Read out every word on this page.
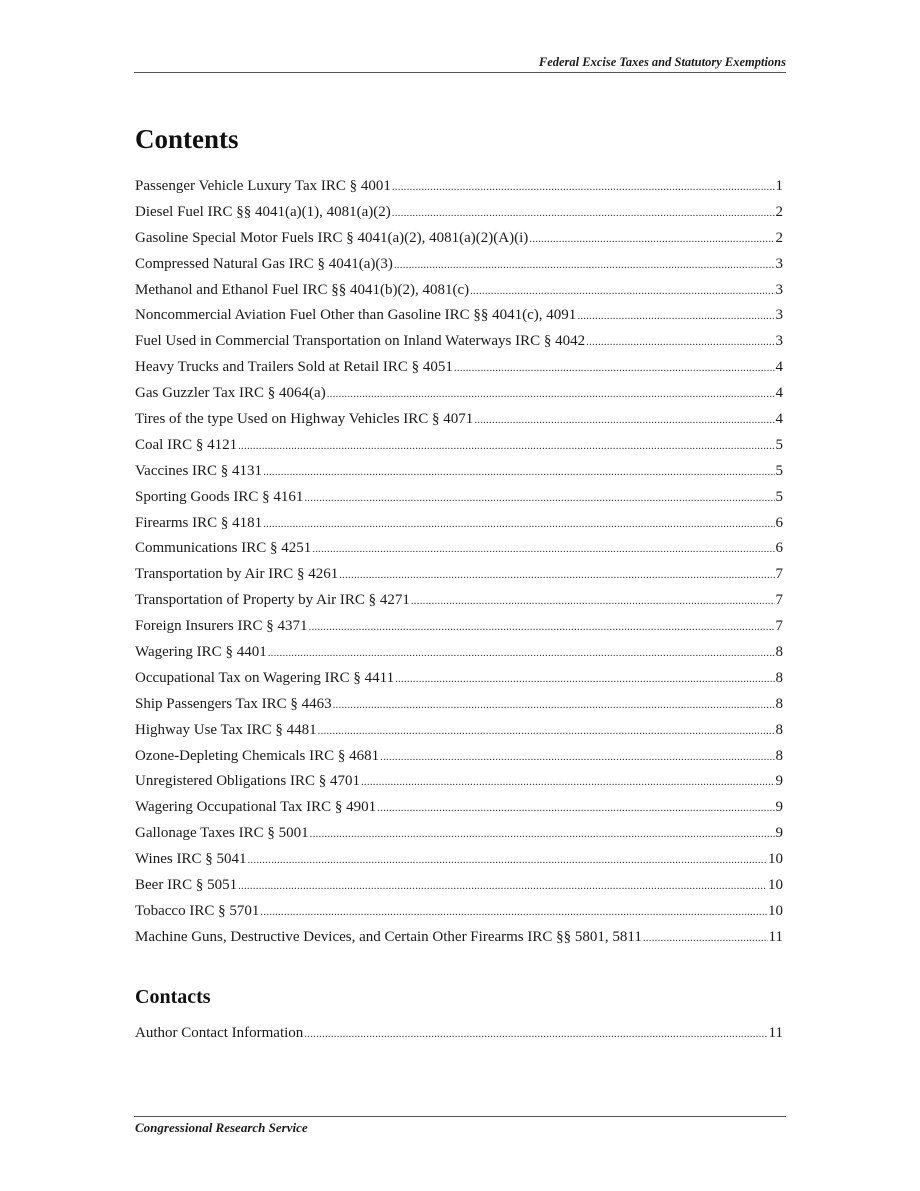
Federal Excise Taxes and Statutory Exemptions
Contents
Passenger Vehicle Luxury Tax IRC § 4001 .....	1
Diesel Fuel IRC §§ 4041(a)(1), 4081(a)(2) .....	2
Gasoline Special Motor Fuels IRC § 4041(a)(2), 4081(a)(2)(A)(i) .....	2
Compressed Natural Gas IRC § 4041(a)(3) .....	3
Methanol and Ethanol Fuel IRC §§ 4041(b)(2), 4081(c) .....	3
Noncommercial Aviation Fuel Other than Gasoline IRC §§ 4041(c), 4091 .....	3
Fuel Used in Commercial Transportation on Inland Waterways IRC § 4042 .....	3
Heavy Trucks and Trailers Sold at Retail IRC § 4051 .....	4
Gas Guzzler Tax IRC § 4064(a) .....	4
Tires of the type Used on Highway Vehicles IRC § 4071 .....	4
Coal IRC § 4121 .....	5
Vaccines IRC § 4131 .....	5
Sporting Goods IRC § 4161 .....	5
Firearms IRC § 4181 .....	6
Communications IRC § 4251 .....	6
Transportation by Air IRC § 4261 .....	7
Transportation of Property by Air IRC § 4271 .....	7
Foreign Insurers IRC § 4371 .....	7
Wagering IRC § 4401 .....	8
Occupational Tax on Wagering IRC § 4411 .....	8
Ship Passengers Tax IRC § 4463 .....	8
Highway Use Tax IRC § 4481 .....	8
Ozone-Depleting Chemicals IRC § 4681 .....	8
Unregistered Obligations IRC § 4701 .....	9
Wagering Occupational Tax IRC § 4901 .....	9
Gallonage Taxes IRC § 5001 .....	9
Wines IRC § 5041 .....	10
Beer IRC § 5051 .....	10
Tobacco IRC § 5701 .....	10
Machine Guns, Destructive Devices, and Certain Other Firearms IRC §§ 5801, 5811 .....	11
Contacts
Author Contact Information .....	11
Congressional Research Service
